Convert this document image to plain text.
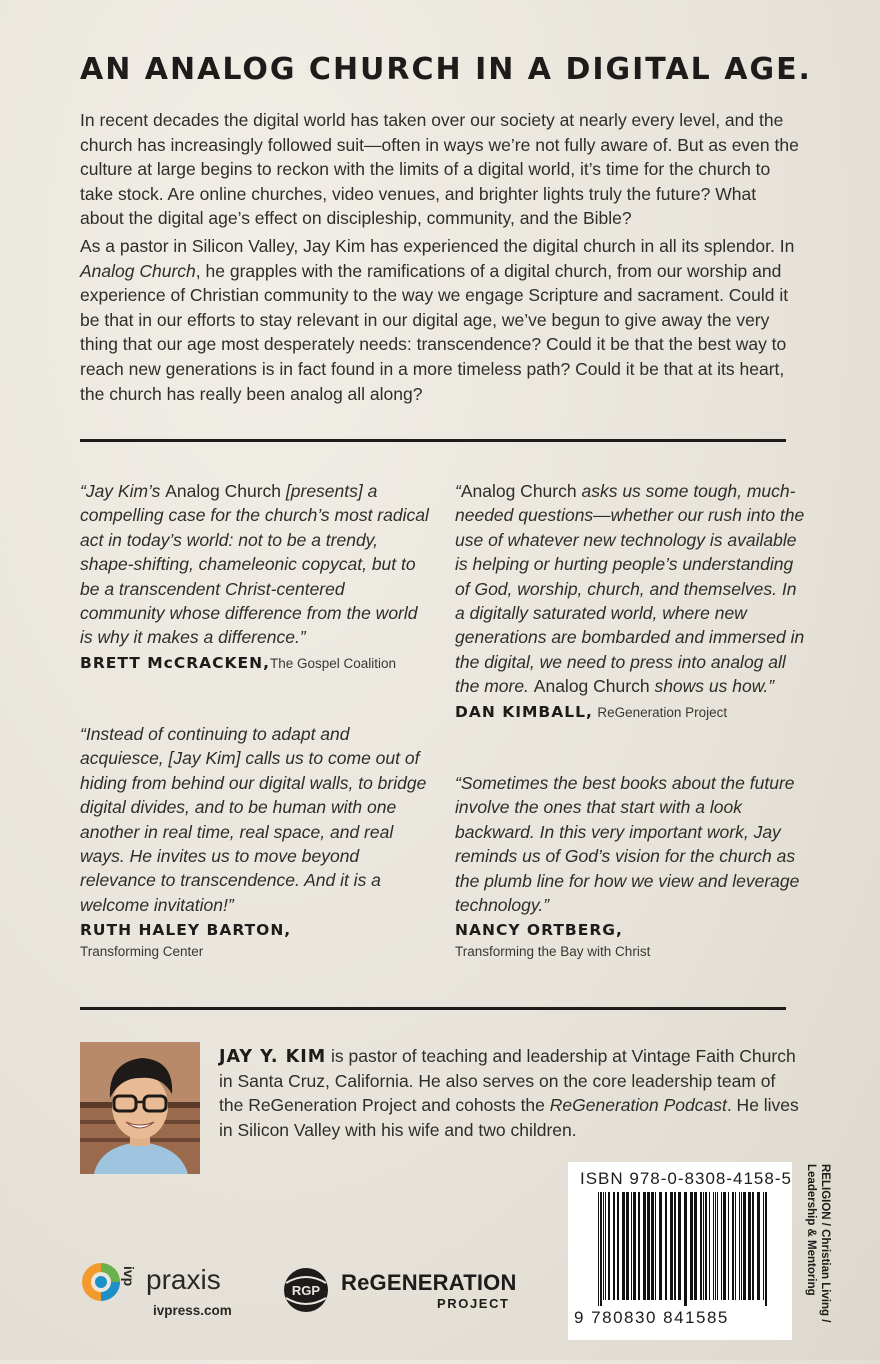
AN ANALOG CHURCH IN A DIGITAL AGE.

In recent decades the digital world has taken over our society at nearly every level, and the church has increasingly followed suit—often in ways we’re not fully aware of. But as even the culture at large begins to reckon with the limits of a digital world, it’s time for the church to take stock. Are online churches, video venues, and brighter lights truly the future? What about the digital age’s effect on discipleship, community, and the Bible?

As a pastor in Silicon Valley, Jay Kim has experienced the digital church in all its splendor. In Analog Church, he grapples with the ramifications of a digital church, from our worship and experience of Christian community to the way we engage Scripture and sacrament. Could it be that in our efforts to stay relevant in our digital age, we’ve begun to give away the very thing that our age most desperately needs: transcendence? Could it be that the best way to reach new generations is in fact found in a more timeless path? Could it be that at its heart, the church has really been analog all along?

“Jay Kim’s Analog Church [presents] a compelling case for the church’s most radical act in today’s world: not to be a trendy, shape-shifting, chameleonic copycat, but to be a transcendent Christ-centered community whose difference from the world is why it makes a difference.”

BRETT McCRACKEN,The Gospel Coalition

“Instead of continuing to adapt and acquiesce, [Jay Kim] calls us to come out of hiding from behind our digital walls, to bridge digital divides, and to be human with one another in real time, real space, and real ways. He invites us to move beyond relevance to transcendence. And it is a welcome invitation!”

RUTH HALEY BARTON,
Transforming Center

“Analog Church asks us some tough, much-needed questions—whether our rush into the use of whatever new technology is available is helping or hurting people’s understanding of God, worship, church, and themselves. In a digitally saturated world, where new generations are bombarded and immersed in the digital, we need to press into analog all the more. Analog Church shows us how.”

DAN KIMBALL, ReGeneration Project

“Sometimes the best books about the future involve the ones that start with a look backward. In this very important work, Jay reminds us of God’s vision for the church as the plumb line for how we view and leverage technology.”

NANCY ORTBERG,
Transforming the Bay with Christ

JAY Y. KIM is pastor of teaching and leadership at Vintage Faith Church in Santa Cruz, California. He also serves on the core leadership team of the ReGeneration Project and cohosts the ReGeneration Podcast. He lives in Silicon Valley with his wife and two children.

ISBN 978-0-8308-4158-5
9 780830 841585	RELIGION / Christian Living / Leadership & Mentoring
ivp praxis
ivpress.com
RGP ReGENERATION
PROJECT
